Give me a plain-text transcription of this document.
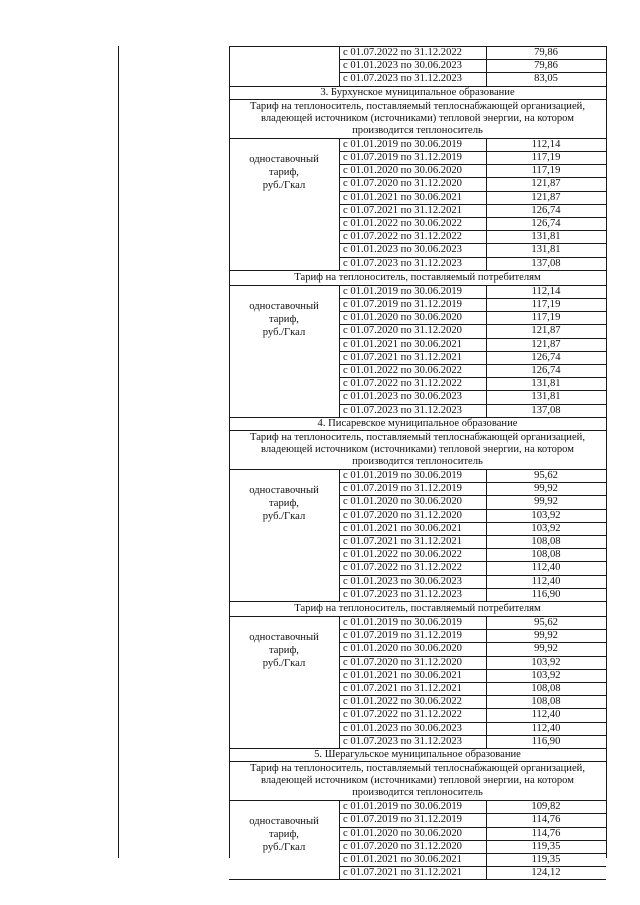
с 01.07.2022 по 31.12.2022	79,86
с 01.01.2023 по 30.06.2023	79,86
с 01.07.2023 по 31.12.2023	83,05
3. Бурхунское муниципальное образование
Тариф на теплоноситель, поставляемый теплоснабжающей организацией,
владеющей источником (источниками) тепловой энергии, на котором
производится теплоноситель
одноставочный
тариф,
руб./Гкал
с 01.01.2019 по 30.06.2019	112,14
с 01.07.2019 по 31.12.2019	117,19
с 01.01.2020 по 30.06.2020	117,19
с 01.07.2020 по 31.12.2020	121,87
с 01.01.2021 по 30.06.2021	121,87
с 01.07.2021 по 31.12.2021	126,74
с 01.01.2022 по 30.06.2022	126,74
с 01.07.2022 по 31.12.2022	131,81
с 01.01.2023 по 30.06.2023	131,81
с 01.07.2023 по 31.12.2023	137,08
Тариф на теплоноситель, поставляемый потребителям
одноставочный
тариф,
руб./Гкал
с 01.01.2019 по 30.06.2019	112,14
с 01.07.2019 по 31.12.2019	117,19
с 01.01.2020 по 30.06.2020	117,19
с 01.07.2020 по 31.12.2020	121,87
с 01.01.2021 по 30.06.2021	121,87
с 01.07.2021 по 31.12.2021	126,74
с 01.01.2022 по 30.06.2022	126,74
с 01.07.2022 по 31.12.2022	131,81
с 01.01.2023 по 30.06.2023	131,81
с 01.07.2023 по 31.12.2023	137,08
4. Писаревское муниципальное образование
Тариф на теплоноситель, поставляемый теплоснабжающей организацией,
владеющей источником (источниками) тепловой энергии, на котором
производится теплоноситель
одноставочный
тариф,
руб./Гкал
с 01.01.2019 по 30.06.2019	95,62
с 01.07.2019 по 31.12.2019	99,92
с 01.01.2020 по 30.06.2020	99,92
с 01.07.2020 по 31.12.2020	103,92
с 01.01.2021 по 30.06.2021	103,92
с 01.07.2021 по 31.12.2021	108,08
с 01.01.2022 по 30.06.2022	108,08
с 01.07.2022 по 31.12.2022	112,40
с 01.01.2023 по 30.06.2023	112,40
с 01.07.2023 по 31.12.2023	116,90
Тариф на теплоноситель, поставляемый потребителям
одноставочный
тариф,
руб./Гкал
с 01.01.2019 по 30.06.2019	95,62
с 01.07.2019 по 31.12.2019	99,92
с 01.01.2020 по 30.06.2020	99,92
с 01.07.2020 по 31.12.2020	103,92
с 01.01.2021 по 30.06.2021	103,92
с 01.07.2021 по 31.12.2021	108,08
с 01.01.2022 по 30.06.2022	108,08
с 01.07.2022 по 31.12.2022	112,40
с 01.01.2023 по 30.06.2023	112,40
с 01.07.2023 по 31.12.2023	116,90
5. Шерагульское муниципальное образование
Тариф на теплоноситель, поставляемый теплоснабжающей организацией,
владеющей источником (источниками) тепловой энергии, на котором
производится теплоноситель
одноставочный
тариф,
руб./Гкал
с 01.01.2019 по 30.06.2019	109,82
с 01.07.2019 по 31.12.2019	114,76
с 01.01.2020 по 30.06.2020	114,76
с 01.07.2020 по 31.12.2020	119,35
с 01.01.2021 по 30.06.2021	119,35
с 01.07.2021 по 31.12.2021	124,12
